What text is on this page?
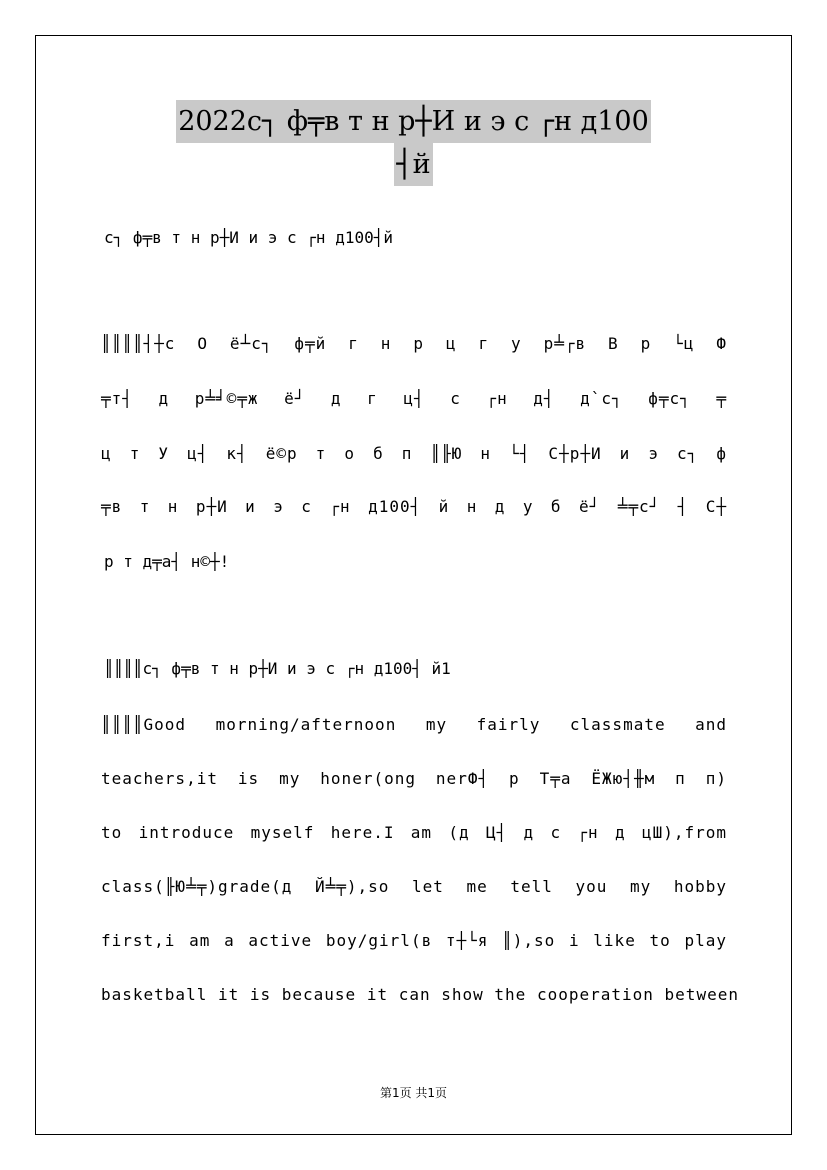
2022с┐ ф╤в т н р┼И и э с ┌н д100
┤й
с┐ ф╤в т н р┼И и э с ┌н д100┤й
║║║║┤┼с О ё┴с┐ ф╤й г н р ц г у р╧┌в В р └ц Ф
╤т┤ д р╧╛©╤ж ё┘ д г ц┤ с ┌н д┤ д`с┐ ф╤с┐ ╤
ц т У ц┤ к┤ ё©р т о б п ║╟Ю н └┤ С┼р┼И и э с┐ ф
╤в т н р┼И и э с ┌н д100┤ й н д у б ё┘ ╧╤с┘ ┤ С┼
р т д╤а┤ н©┼!
║║║║с┐ ф╤в т н р┼И и э с ┌н д100┤ й1
║║║║Good morning/afternoon my fairly classmate and
teachers,it is my honer(ong nerФ┤ р Т╤а ЁЖю┤╫м п п)
to introduce myself here.I am (д Ц┤ д с ┌н д цШ),from
class(╟Ю╧╤)grade(д Й╧╤),so let me tell you my hobby
first,i am a active boy/girl(в т┼└я ║),so i like to play
basketball it is because it can show the cooperation between
第1页 共1页
